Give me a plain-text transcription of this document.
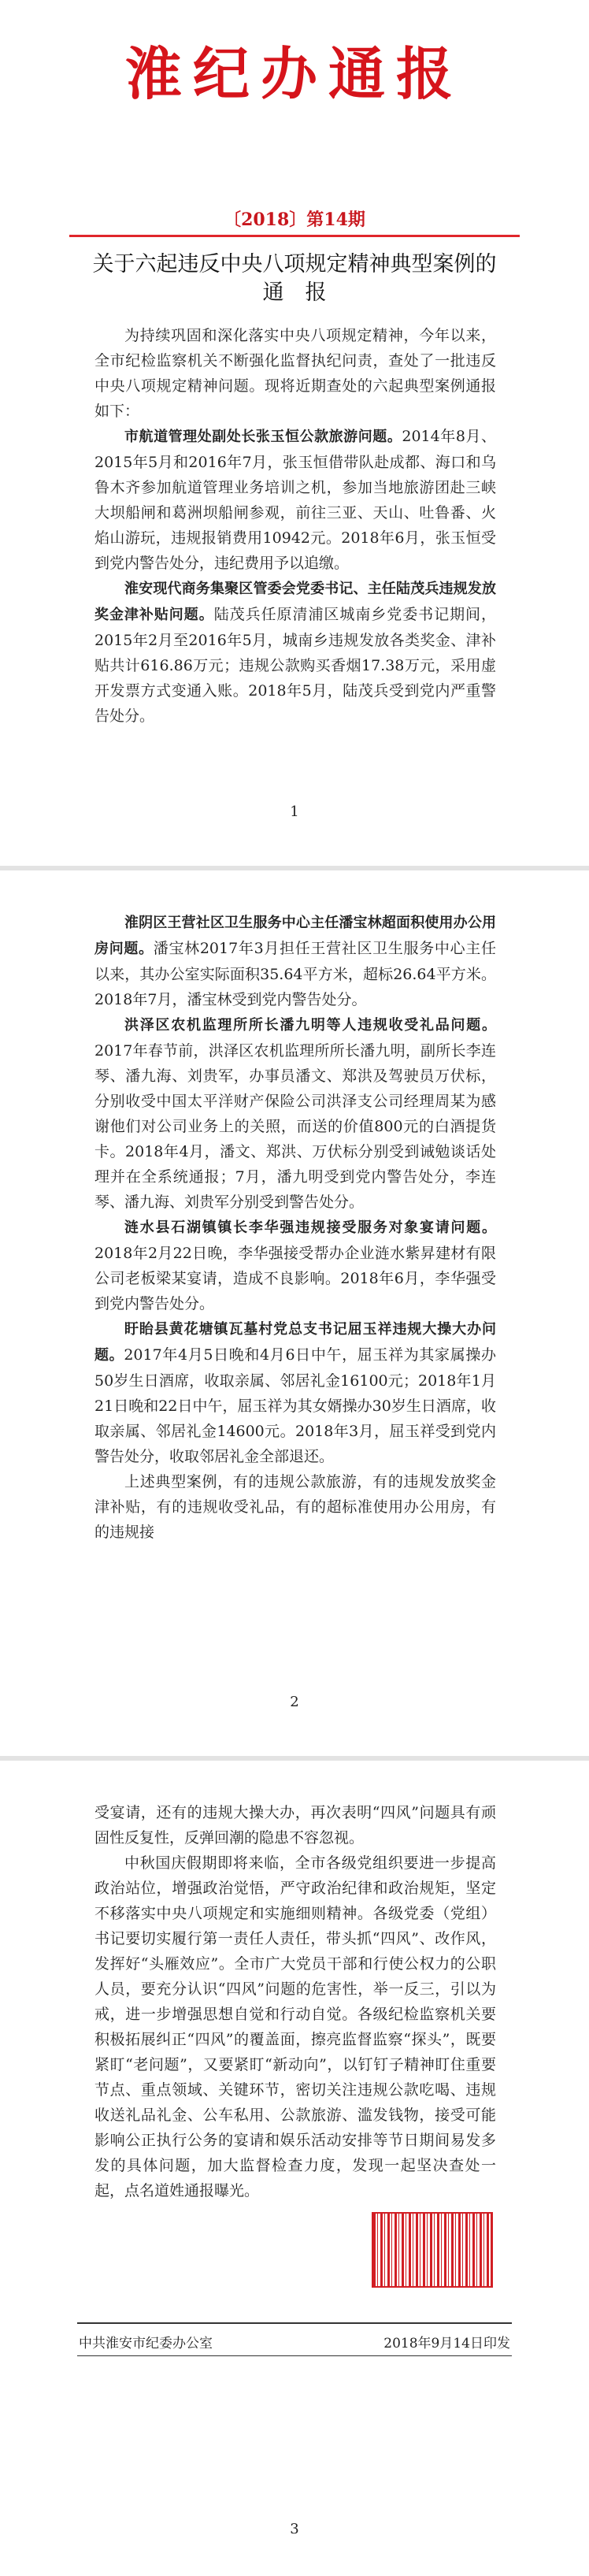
淮纪办通报
〔2018〕第14期
关于六起违反中央八项规定精神典型案例的
通　报

为持续巩固和深化落实中央八项规定精神，今年以来，全市纪检监察机关不断强化监督执纪问责，查处了一批违反中央八项规定精神问题。现将近期查处的六起典型案例通报如下：

市航道管理处副处长张玉恒公款旅游问题。2014年8月、2015年5月和2016年7月，张玉恒借带队赴成都、海口和乌鲁木齐参加航道管理业务培训之机，参加当地旅游团赴三峡大坝船闸和葛洲坝船闸参观，前往三亚、天山、吐鲁番、火焰山游玩，违规报销费用10942元。2018年6月，张玉恒受到党内警告处分，违纪费用予以追缴。

淮安现代商务集聚区管委会党委书记、主任陆茂兵违规发放奖金津补贴问题。陆茂兵任原清浦区城南乡党委书记期间，2015年2月至2016年5月，城南乡违规发放各类奖金、津补贴共计616.86万元；违规公款购买香烟17.38万元，采用虚开发票方式变通入账。2018年5月，陆茂兵受到党内严重警告处分。

1

淮阴区王营社区卫生服务中心主任潘宝林超面积使用办公用房问题。潘宝林2017年3月担任王营社区卫生服务中心主任以来，其办公室实际面积35.64平方米，超标26.64平方米。2018年7月，潘宝林受到党内警告处分。

洪泽区农机监理所所长潘九明等人违规收受礼品问题。2017年春节前，洪泽区农机监理所所长潘九明，副所长李连琴、潘九海、刘贵军，办事员潘文、郑洪及驾驶员万伏标，分别收受中国太平洋财产保险公司洪泽支公司经理周某为感谢他们对公司业务上的关照，而送的价值800元的白酒提货卡。2018年4月，潘文、郑洪、万伏标分别受到诫勉谈话处理并在全系统通报；7月，潘九明受到党内警告处分，李连琴、潘九海、刘贵军分别受到警告处分。

涟水县石湖镇镇长李华强违规接受服务对象宴请问题。2018年2月22日晚，李华强接受帮办企业涟水紫昇建材有限公司老板梁某宴请，造成不良影响。2018年6月，李华强受到党内警告处分。

盱眙县黄花塘镇瓦墓村党总支书记屈玉祥违规大操大办问题。2017年4月5日晚和4月6日中午，屈玉祥为其家属操办50岁生日酒席，收取亲属、邻居礼金16100元；2018年1月21日晚和22日中午，屈玉祥为其女婿操办30岁生日酒席，收取亲属、邻居礼金14600元。2018年3月，屈玉祥受到党内警告处分，收取邻居礼金全部退还。

上述典型案例，有的违规公款旅游，有的违规发放奖金津补贴，有的违规收受礼品，有的超标准使用办公用房，有的违规接

2

受宴请，还有的违规大操大办，再次表明“四风”问题具有顽固性反复性，反弹回潮的隐患不容忽视。

中秋国庆假期即将来临，全市各级党组织要进一步提高政治站位，增强政治觉悟，严守政治纪律和政治规矩，坚定不移落实中央八项规定和实施细则精神。各级党委（党组）书记要切实履行第一责任人责任，带头抓“四风”、改作风，发挥好“头雁效应”。全市广大党员干部和行使公权力的公职人员，要充分认识“四风”问题的危害性，举一反三，引以为戒，进一步增强思想自觉和行动自觉。各级纪检监察机关要积极拓展纠正“四风”的覆盖面，擦亮监督监察“探头”，既要紧盯“老问题”，又要紧盯“新动向”，以钉钉子精神盯住重要节点、重点领域、关键环节，密切关注违规公款吃喝、违规收送礼品礼金、公车私用、公款旅游、滥发钱物，接受可能影响公正执行公务的宴请和娱乐活动安排等节日期间易发多发的具体问题，加大监督检查力度，发现一起坚决查处一起，点名道姓通报曝光。

中共淮安市纪委办公室	2018年9月14日印发
3
